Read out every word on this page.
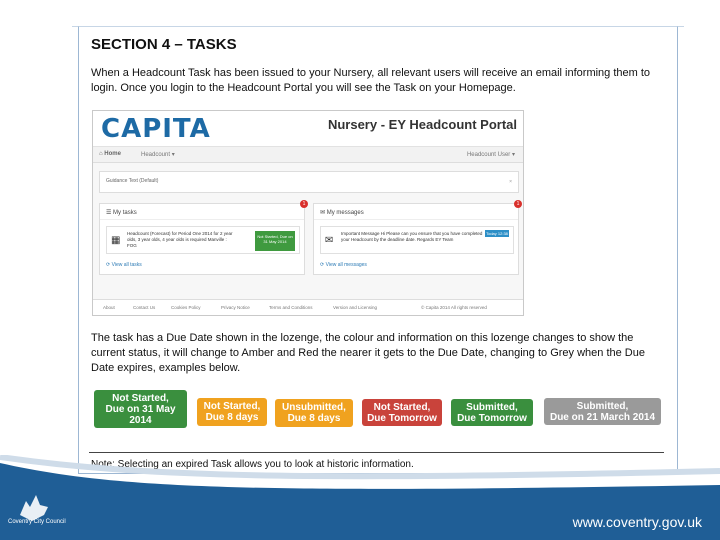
SECTION 4 – TASKS
When a Headcount Task has been issued to your Nursery, all relevant users will receive an email informing them to login. Once you login to the Headcount Portal you will see the Task on your Homepage.
CAPITA	Nursery - EY Headcount Portal
⌂ Home	Headcount ▾	Headcount User ▾
Guidance Text (Default)	×
☰ My tasks
1
▦
Headcount (Forecast) for Period One 2014 for 2 year olds, 3 year olds, 4 year olds is required Manville : FOG
Not Started, Due on 31 May 2014
⟳ View all tasks
✉ My messages
1
✉
Important Message Hi Please can you ensure that you have completed your Headcount by the deadline date. Regards EY Team
Today 12:38
⟳ View all messages
About	Contact Us	Cookies Policy	Privacy Notice	Terms and Conditions	Version and Licensing	© Capita 2014 All rights reserved
The task has a Due Date shown in the lozenge, the colour and information on this lozenge changes to show the current status, it will change to Amber and Red the nearer it gets to the Due Date, changing to Grey when the Due Date expires, examples below.
Not Started,
Due on 31 May
2014
Not Started,
Due 8 days
Unsubmitted,
Due 8 days
Not Started,
Due Tomorrow
Submitted,
Due Tomorrow
Submitted,
Due on 21 March 2014
Note: Selecting an expired Task allows you to look at historic information.
Coventry City Council	www.coventry.gov.uk
